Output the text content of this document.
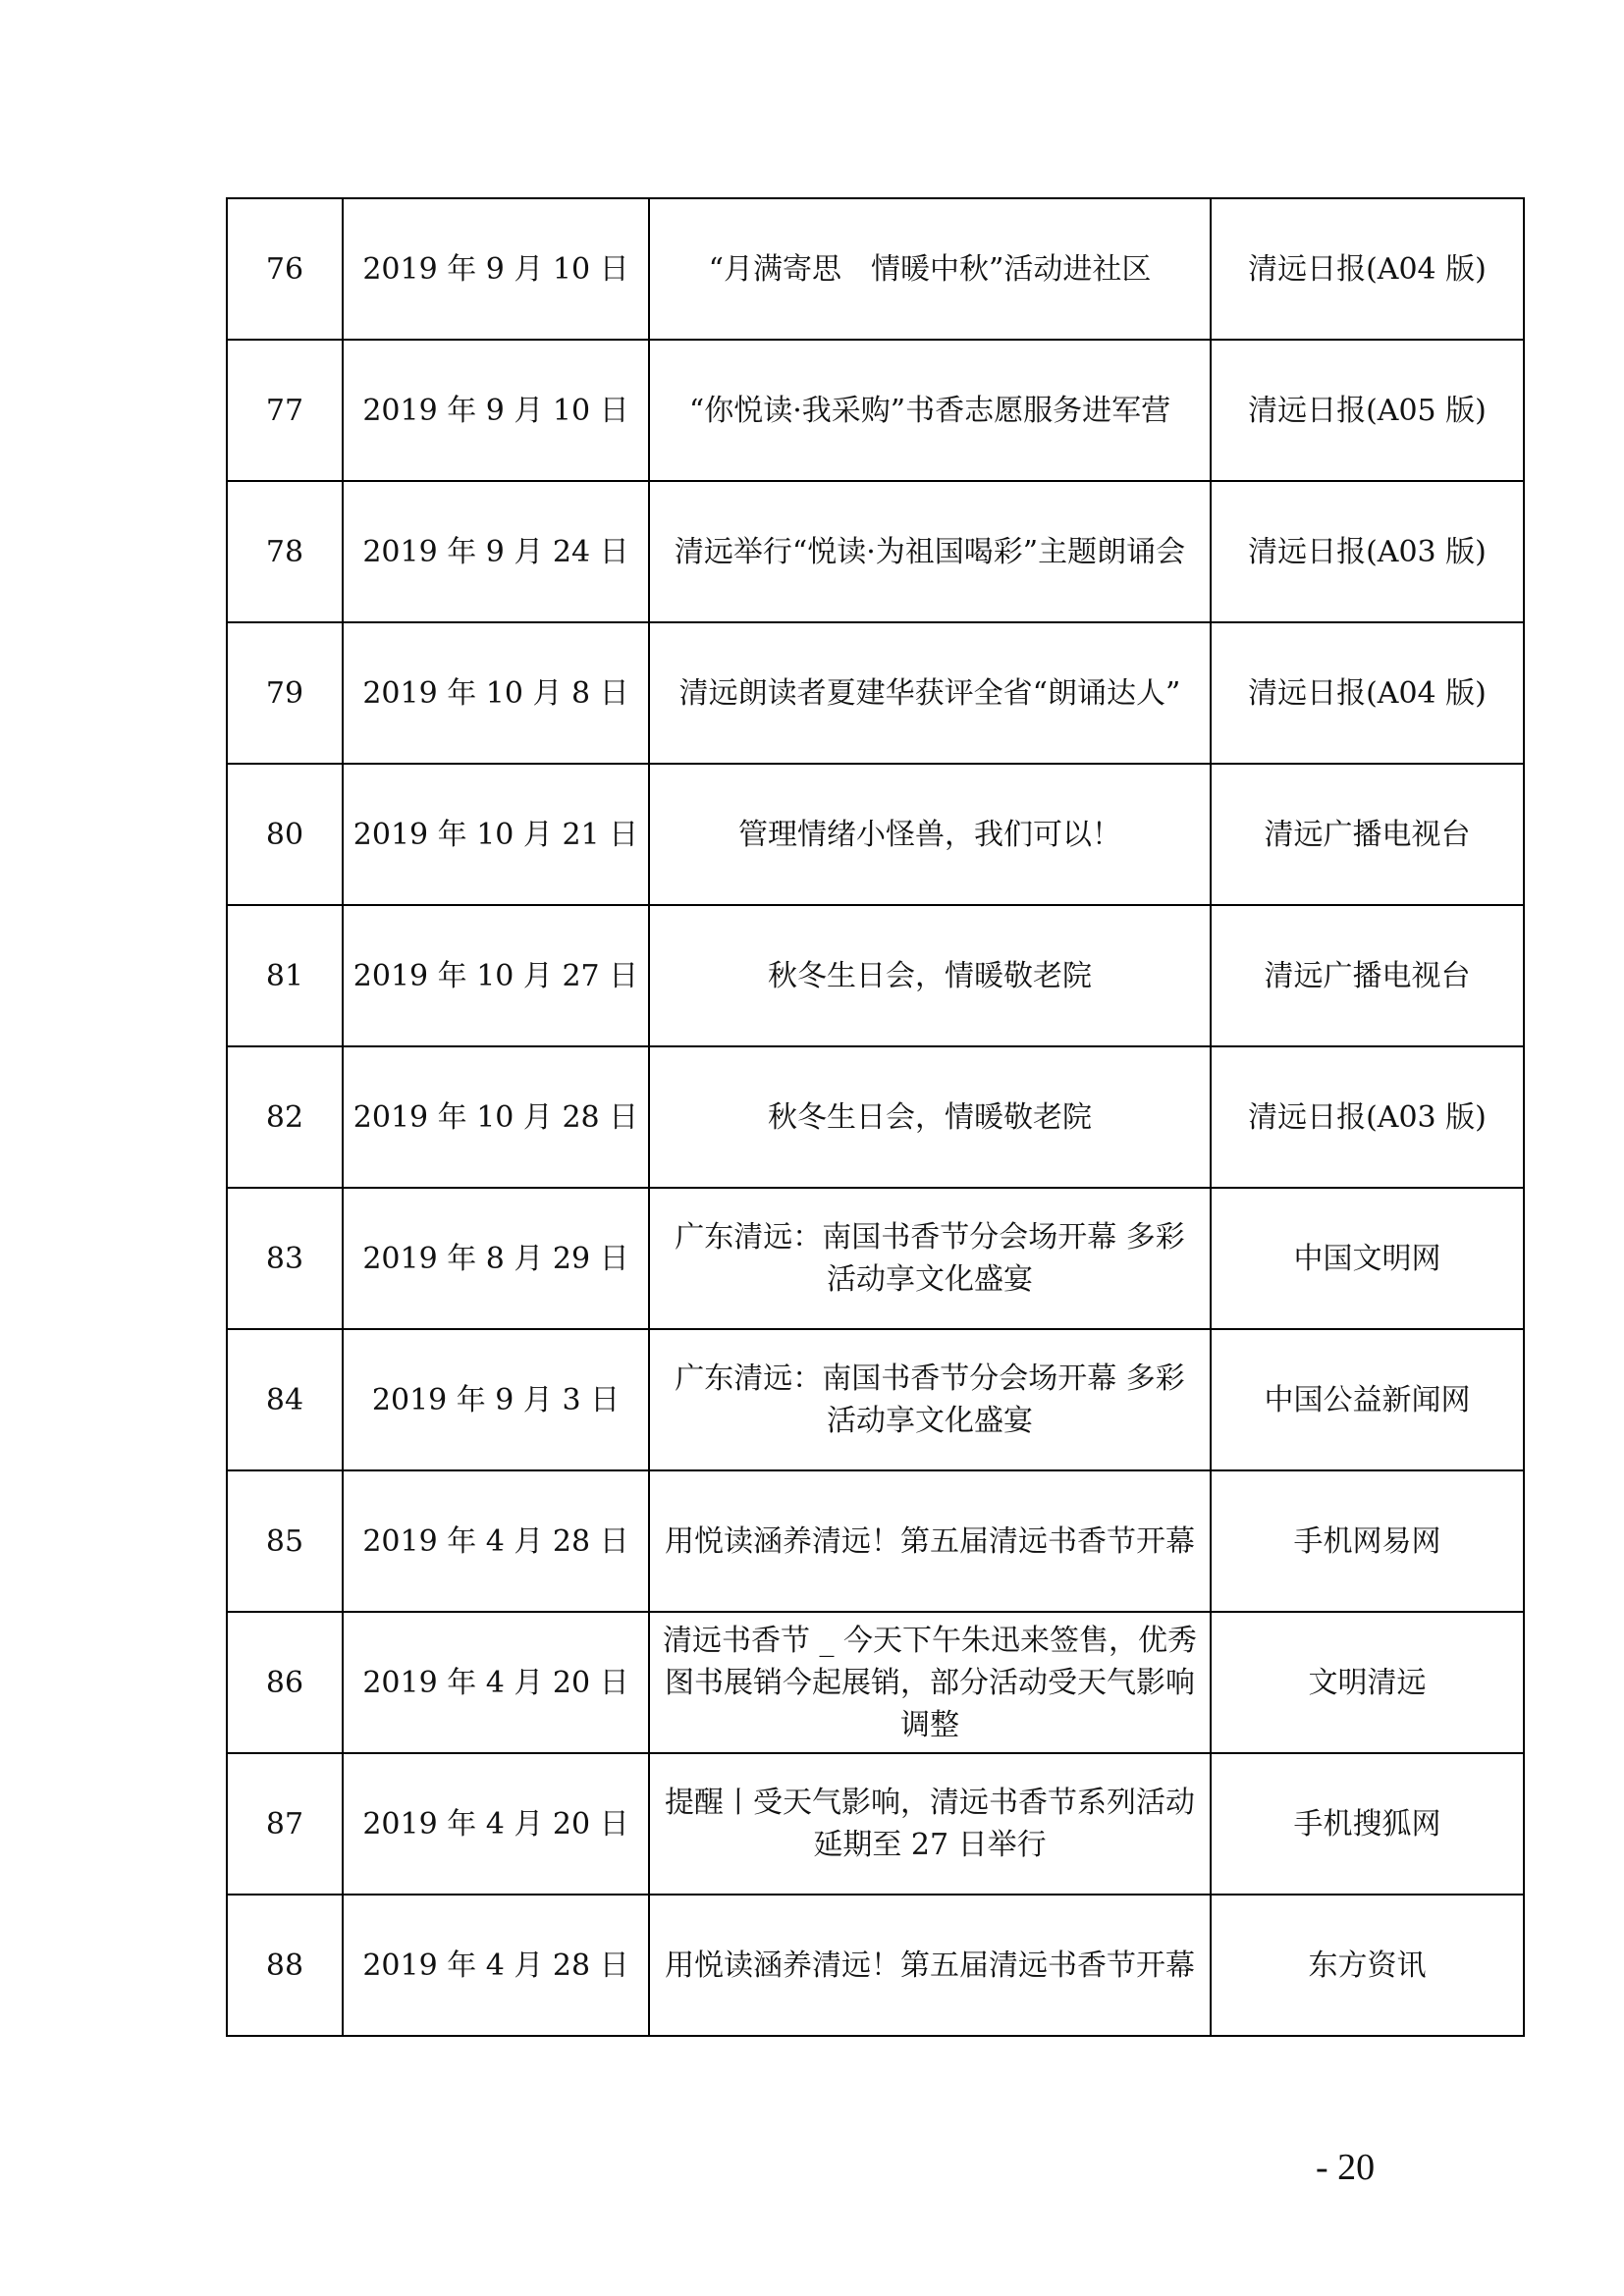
76	2019 年 9 月 10 日	“月满寄思　情暖中秋”活动进社区	清远日报(A04 版)
77	2019 年 9 月 10 日	“你悦读·我采购”书香志愿服务进军营	清远日报(A05 版)
78	2019 年 9 月 24 日	清远举行“悦读·为祖国喝彩”主题朗诵会	清远日报(A03 版)
79	2019 年 10 月 8 日	清远朗读者夏建华获评全省“朗诵达人”	清远日报(A04 版)
80	2019 年 10 月 21 日	管理情绪小怪兽，我们可以！	清远广播电视台
81	2019 年 10 月 27 日	秋冬生日会，情暖敬老院	清远广播电视台
82	2019 年 10 月 28 日	秋冬生日会，情暖敬老院	清远日报(A03 版)
83	2019 年 8 月 29 日	广东清远：南国书香节分会场开幕 多彩活动享文化盛宴	中国文明网
84	2019 年 9 月 3 日	广东清远：南国书香节分会场开幕 多彩活动享文化盛宴	中国公益新闻网
85	2019 年 4 月 28 日	用悦读涵养清远！第五届清远书香节开幕	手机网易网
86	2019 年 4 月 20 日	清远书香节 _ 今天下午朱迅来签售，优秀图书展销今起展销，部分活动受天气影响调整	文明清远
87	2019 年 4 月 20 日	提醒丨受天气影响，清远书香节系列活动延期至 27 日举行	手机搜狐网
88	2019 年 4 月 28 日	用悦读涵养清远！第五届清远书香节开幕	东方资讯
- 20
